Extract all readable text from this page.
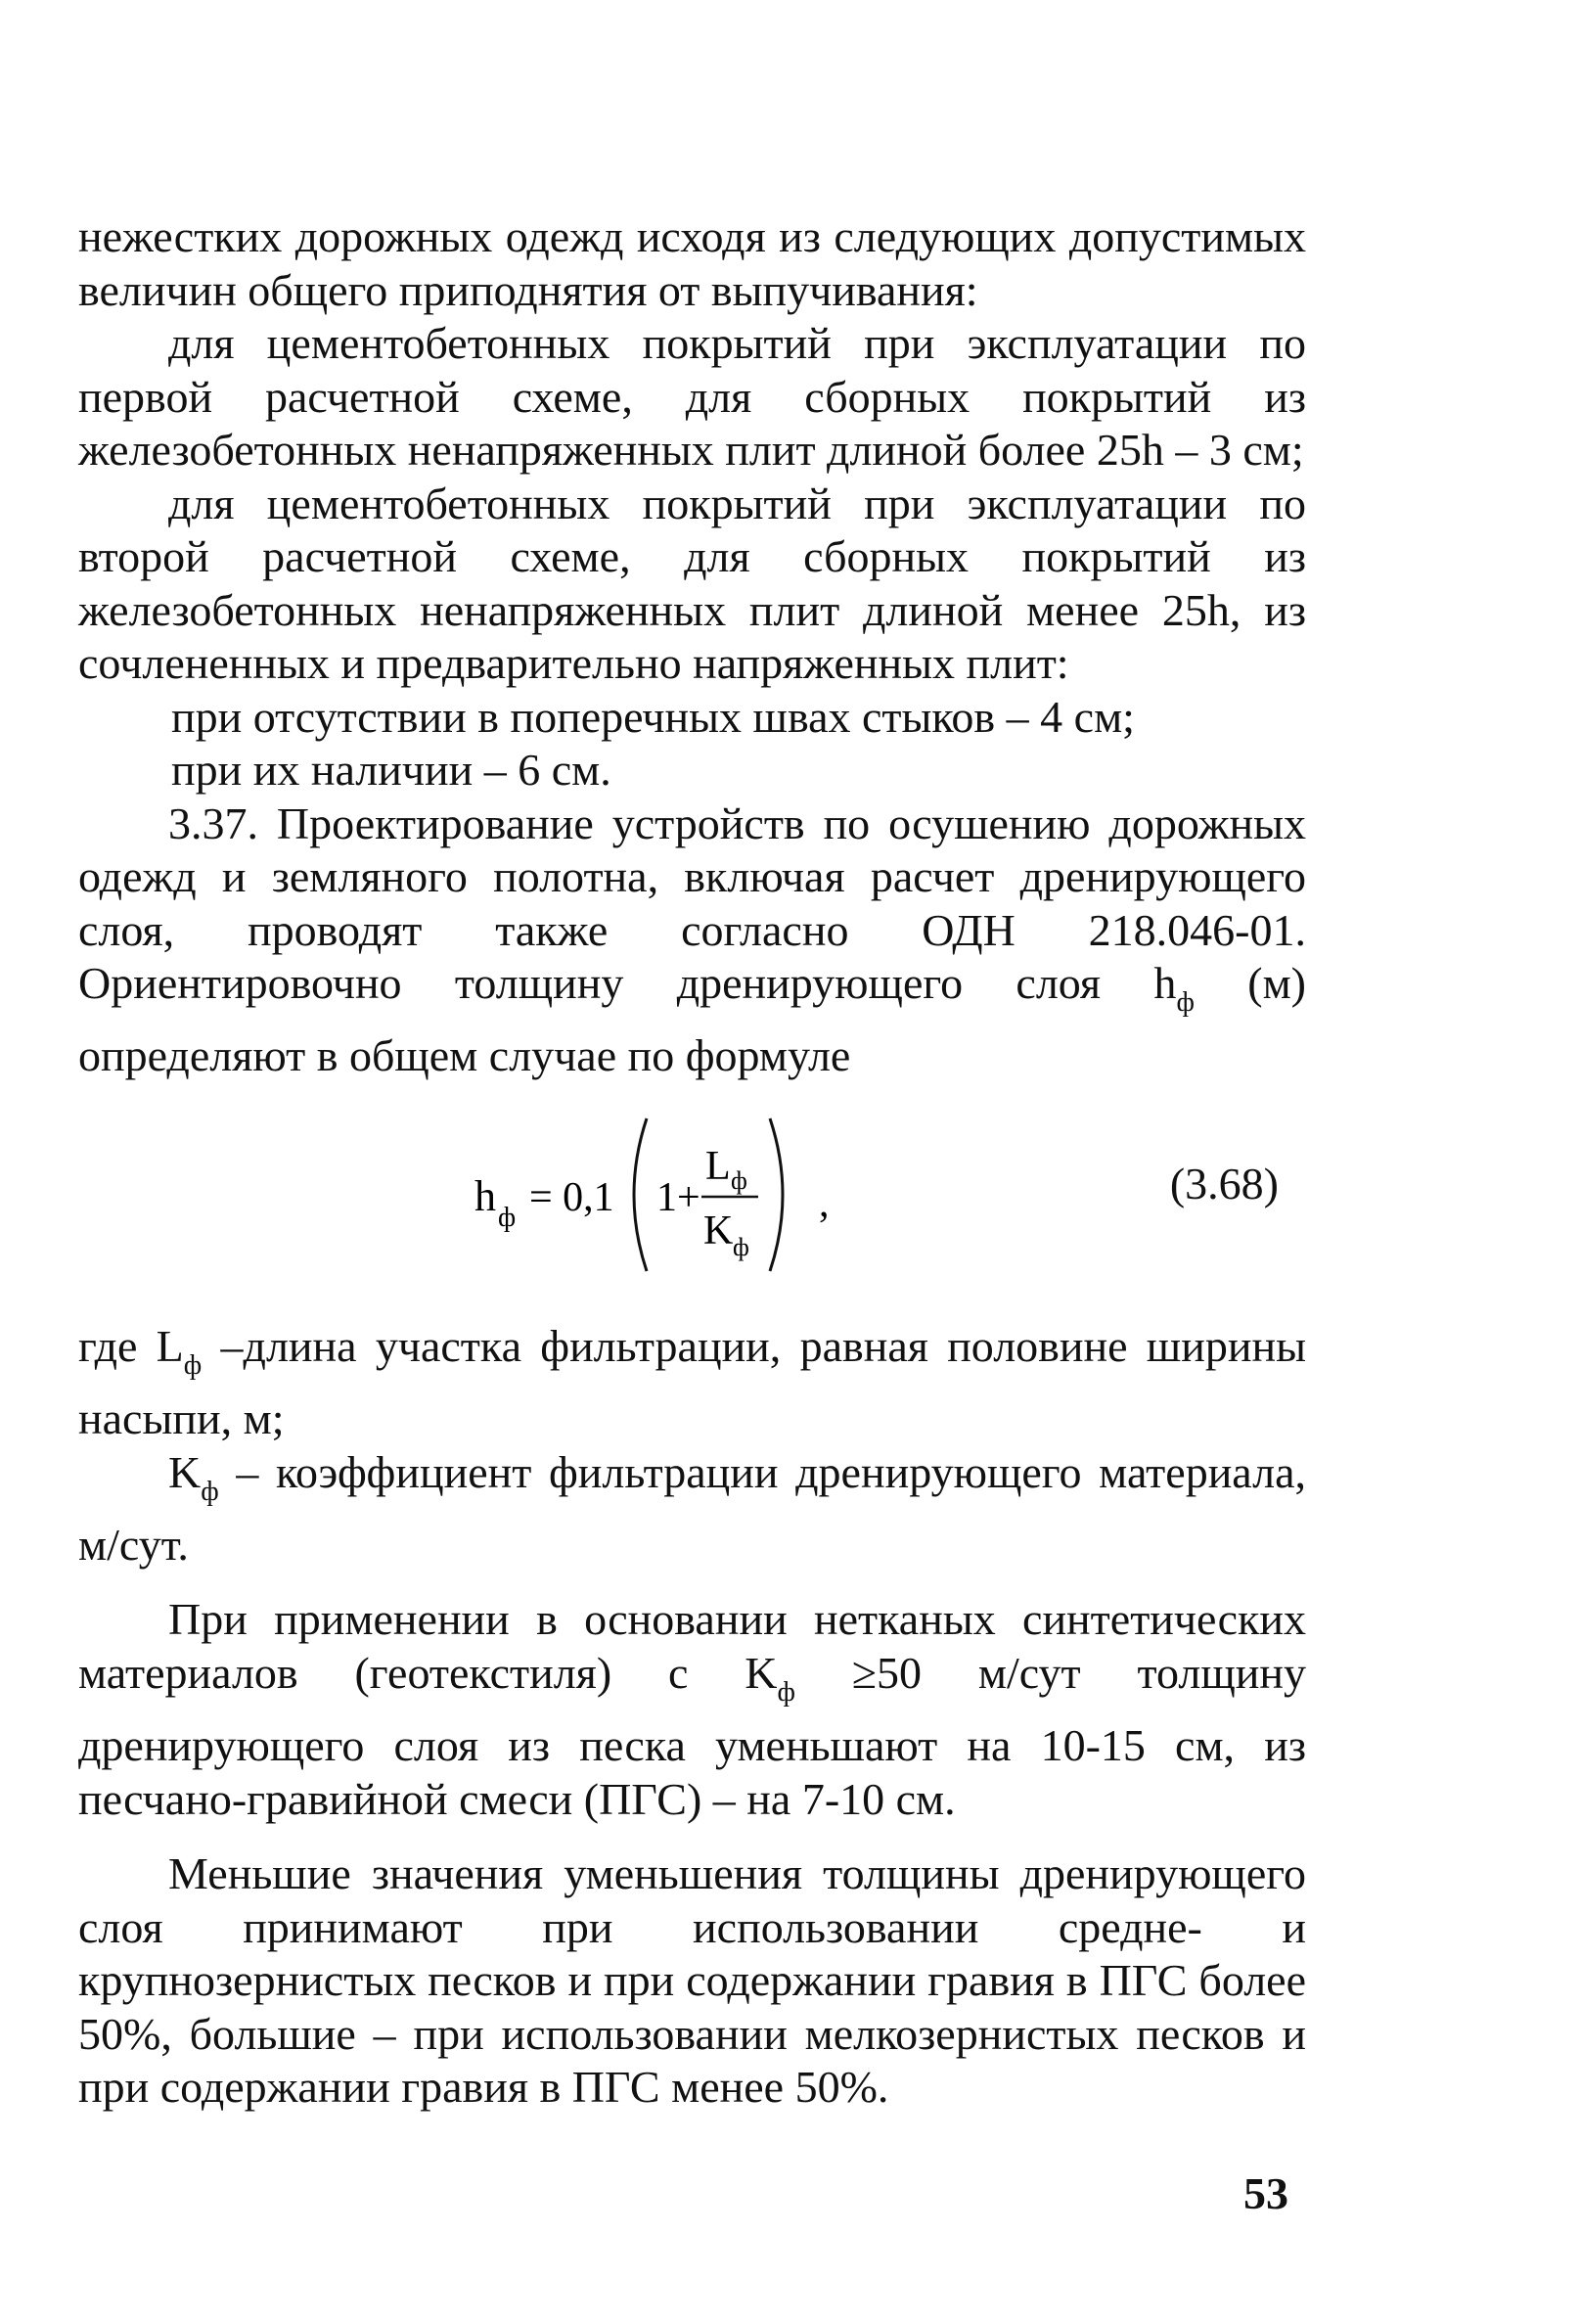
нежестких дорожных одежд исходя из следующих допустимых величин общего приподнятия от выпучивания:

для цементобетонных покрытий при эксплуатации по первой расчетной схеме, для сборных покрытий из железобетонных ненапряженных плит длиной более 25h – 3 см;

для цементобетонных покрытий при эксплуатации по второй расчетной схеме, для сборных покрытий из железобетонных ненапряженных плит длиной менее 25h, из сочлененных и предварительно напряженных плит:

при отсутствии в поперечных швах стыков – 4 см;

при их наличии – 6 см.

3.37. Проектирование устройств по осушению дорожных одежд и земляного полотна, включая расчет дренирующего слоя, проводят также согласно ОДН 218.046-01. Ориентировочно толщину дренирующего слоя $h_ф$ (м) определяют в общем случае по формуле

h ф = 0,1 1+
L ф
K ф
,	(3.68)

где $L_ф$ –длина участка фильтрации, равная половине ширины насыпи, м;

$K_ф$ – коэффициент фильтрации дренирующего материала, м/сут.

При применении в основании нетканых синтетических материалов (геотекстиля) с $K_ф \ge 50$ м/сут толщину дренирующего слоя из песка уменьшают на 10-15 см, из песчано-гравийной смеси (ПГС) – на 7-10 см.

Меньшие значения уменьшения толщины дренирующего слоя принимают при использовании средне- и крупнозернистых песков и при содержании гравия в ПГС более 50%, большие – при использовании мелкозернистых песков и при содержании гравия в ПГС менее 50%.

53
